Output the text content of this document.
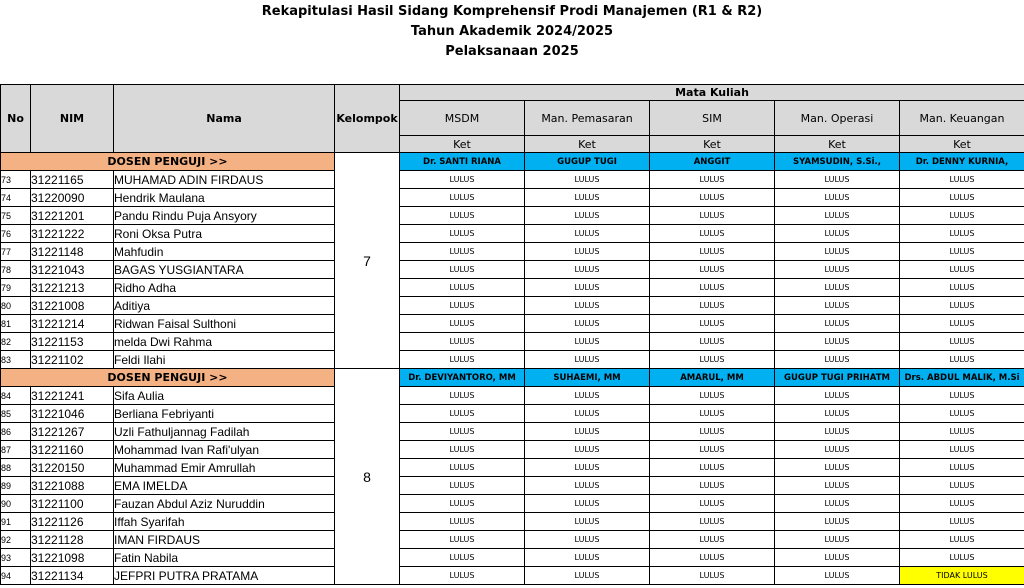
Rekapitulasi Hasil Sidang Komprehensif Prodi Manajemen (R1 & R2)
Tahun Akademik 2024/2025
Pelaksanaan 2025
No	NIM	Nama	Kelompok	Mata Kuliah				
				MSDM	Man. Pemasaran	SIM	Man. Operasi	Man. Keuangan
				Ket	Ket	Ket	Ket	Ket
DOSEN PENGUJI >>			7	Dr. SANTI RIANA	GUGUP TUGI	ANGGIT	SYAMSUDIN, S.Si.,	Dr. DENNY KURNIA,
73	31221165	MUHAMAD ADIN FIRDAUS		LULUS	LULUS	LULUS	LULUS	LULUS
74	31220090	Hendrik Maulana		LULUS	LULUS	LULUS	LULUS	LULUS
75	31221201	Pandu Rindu Puja Ansyory		LULUS	LULUS	LULUS	LULUS	LULUS
76	31221222	Roni Oksa Putra		LULUS	LULUS	LULUS	LULUS	LULUS
77	31221148	Mahfudin		LULUS	LULUS	LULUS	LULUS	LULUS
78	31221043	BAGAS YUSGIANTARA		LULUS	LULUS	LULUS	LULUS	LULUS
79	31221213	Ridho Adha		LULUS	LULUS	LULUS	LULUS	LULUS
80	31221008	Aditiya		LULUS	LULUS	LULUS	LULUS	LULUS
81	31221214	Ridwan Faisal Sulthoni		LULUS	LULUS	LULUS	LULUS	LULUS
82	31221153	melda Dwi Rahma		LULUS	LULUS	LULUS	LULUS	LULUS
83	31221102	Feldi Ilahi		LULUS	LULUS	LULUS	LULUS	LULUS
DOSEN PENGUJI >>			8	Dr. DEVIYANTORO, MM	SUHAEMI, MM	AMARUL, MM	GUGUP TUGI PRIHATM	Drs. ABDUL MALIK, M.Si
84	31221241	Sifa Aulia		LULUS	LULUS	LULUS	LULUS	LULUS
85	31221046	Berliana Febriyanti		LULUS	LULUS	LULUS	LULUS	LULUS
86	31221267	Uzli Fathuljannag Fadilah		LULUS	LULUS	LULUS	LULUS	LULUS
87	31221160	Mohammad Ivan Rafi'ulyan		LULUS	LULUS	LULUS	LULUS	LULUS
88	31220150	Muhammad Emir Amrullah		LULUS	LULUS	LULUS	LULUS	LULUS
89	31221088	EMA IMELDA		LULUS	LULUS	LULUS	LULUS	LULUS
90	31221100	Fauzan Abdul Aziz Nuruddin		LULUS	LULUS	LULUS	LULUS	LULUS
91	31221126	Iffah Syarifah		LULUS	LULUS	LULUS	LULUS	LULUS
92	31221128	IMAN FIRDAUS		LULUS	LULUS	LULUS	LULUS	LULUS
93	31221098	Fatin Nabila		LULUS	LULUS	LULUS	LULUS	LULUS
94	31221134	JEFPRI PUTRA PRATAMA		LULUS	LULUS	LULUS	LULUS	TIDAK LULUS
